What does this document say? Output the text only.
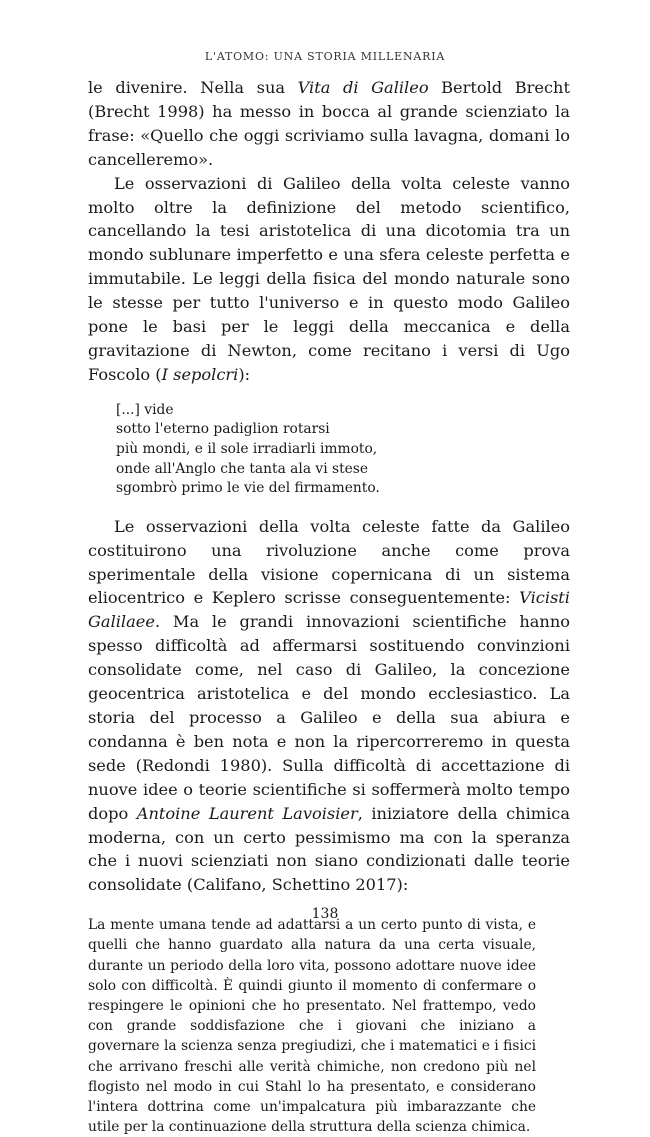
L'ATOMO: UNA STORIA MILLENARIA

le divenire. Nella sua Vita di Galileo Bertold Brecht (Brecht 1998) ha messo in bocca al grande scienziato la frase: «Quello che oggi scriviamo sulla lavagna, domani lo cancelleremo».

Le osservazioni di Galileo della volta celeste vanno molto oltre la definizione del metodo scientifico, cancellando la tesi aristotelica di una dicotomia tra un mondo sublunare imperfetto e una sfera celeste perfetta e immutabile. Le leggi della fisica del mondo naturale sono le stesse per tutto l'universo e in questo modo Galileo pone le basi per le leggi della meccanica e della gravitazione di Newton, come recitano i versi di Ugo Foscolo (I sepolcri):

[...] vide
sotto l'eterno padiglion rotarsi
più mondi, e il sole irradiarli immoto,
onde all'Anglo che tanta ala vi stese
sgombrò primo le vie del firmamento.

Le osservazioni della volta celeste fatte da Galileo costituirono una rivoluzione anche come prova sperimentale della visione copernicana di un sistema eliocentrico e Keplero scrisse conseguentemente: Vicisti Galilaee. Ma le grandi innovazioni scientifiche hanno spesso difficoltà ad affermarsi sostituendo convinzioni consolidate come, nel caso di Galileo, la concezione geocentrica aristotelica e del mondo ecclesiastico. La storia del processo a Galileo e della sua abiura e condanna è ben nota e non la ripercorreremo in questa sede (Redondi 1980). Sulla difficoltà di accettazione di nuove idee o teorie scientifiche si soffermerà molto tempo dopo Antoine Laurent Lavoisier, iniziatore della chimica moderna, con un certo pessimismo ma con la speranza che i nuovi scienziati non siano condizionati dalle teorie consolidate (Califano, Schettino 2017):

La mente umana tende ad adattarsi a un certo punto di vista, e quelli che hanno guardato alla natura da una certa visuale, durante un periodo della loro vita, possono adottare nuove idee solo con difficoltà. È quindi giunto il momento di confermare o respingere le opinioni che ho presentato. Nel frattempo, vedo con grande soddisfazione che i giovani che iniziano a governare la scienza senza pregiudizi, che i matematici e i fisici che arrivano freschi alle verità chimiche, non credono più nel flogisto nel modo in cui Stahl lo ha presentato, e considerano l'intera dottrina come un'impalcatura più imbarazzante che utile per la continuazione della struttura della scienza chimica.

138
